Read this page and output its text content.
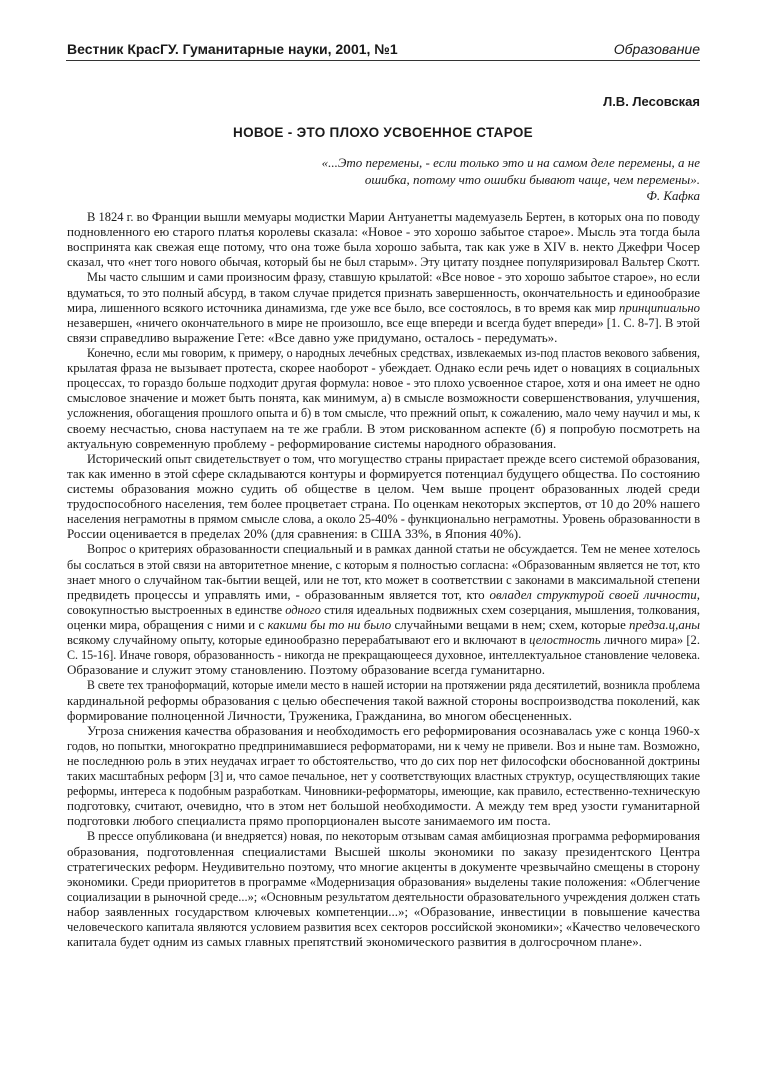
Вестник КрасГУ. Гуманитарные науки, 2001, №1	Образование
Л.В. Лесовская
НОВОЕ - ЭТО ПЛОХО УСВОЕННОЕ СТАРОЕ
«...Это перемены, - если только это и на самом деле перемены, а не
ошибка, потому что ошибки бывают чаще, чем перемены».
Ф. Кафка
В 1824 г. во Франции вышли мемуары модистки Марии Антуанетты мадемуазель Бертен, в которых она по поводу
подновленного ею старого платья королевы сказала: «Новое - это хорошо забытое старое». Мысль эта тогда была
воспринята как свежая еще потому, что она тоже была хорошо забыта, так как уже в XIV в. некто Джефри Чосер
сказал, что «нет того нового обычая, который бы не был старым». Эту цитату позднее популяризировал Вальтер Скотт.
Мы часто слышим и сами произносим фразу, ставшую крылатой: «Все новое - это хорошо забытое старое», но если
вдуматься, то это полный абсурд, в таком случае придется признать завершенность, окончательность и единообразие
мира, лишенного всякого источника динамизма, где уже все было, все состоялось, в то время как мир принципиально
незавершен, «ничего окончательного в мире не произошло, все еще впереди и всегда будет впереди» [1. С. 8-7]. В этой
связи справедливо выражение Гете: «Все давно уже придумано, осталось - передумать».
Конечно, если мы говорим, к примеру, о народных лечебных средствах, извлекаемых из-под пластов векового забвения,
крылатая фраза не вызывает протеста, скорее наоборот - убеждает. Однако если речь идет о новациях в социальных
процессах, то гораздо больше подходит другая формула: новое - это плохо усвоенное старое, хотя и она имеет не одно
смысловое значение и может быть понята, как минимум, а) в смысле возможности совершенствования, улучшения,
усложнения, обогащения прошлого опыта и б) в том смысле, что прежний опыт, к сожалению, мало чему научил и мы, к
своему несчастью, снова наступаем на те же грабли. В этом рискованном аспекте (б) я попробую посмотреть на
актуальную современную проблему - реформирование системы народного образования.
Исторический опыт свидетельствует о том, что могущество страны прирастает прежде всего системой образования,
так как именно в этой сфере складываются контуры и формируется потенциал будущего общества. По состоянию
системы образования можно судить об обществе в целом. Чем выше процент образованных людей среди
трудоспособного населения, тем более процветает страна. По оценкам некоторых экспертов, от 10 до 20% нашего
населения неграмотны в прямом смысле слова, а около 25-40% - функционально неграмотны. Уровень образованности в
России оценивается в пределах 20% (для сравнения: в США 33%, в Япония 40%).
Вопрос о критериях образованности специальный и в рамках данной статьи не обсуждается. Тем не менее хотелось
бы сослаться в этой связи на авторитетное мнение, с которым я полностью согласна: «Образованным является не тот, кто
знает много о случайном так-бытии вещей, или не тот, кто может в соответствии с законами в максимальной степени
предвидеть процессы и управлять ими, - образованным является тот, кто овладел структурой своей личности,
совокупностью выстроенных в единстве одного стиля идеальных подвижных схем созерцания, мышления, толкования,
оценки мира, обращения с ними и с какими бы то ни было случайными вещами в нем; схем, которые предза.ц,аны
всякому случайному опыту, которые единообразно перерабатывают его и включают в целостность личного мира» [2.
С. 15-16]. Иначе говоря, образованность - никогда не прекращающееся духовное, интеллектуальное становление человека.
Образование и служит этому становлению. Поэтому образование всегда гуманитарно.
В свете тех траноформаций, которые имели место в нашей истории на протяжении ряда десятилетий, возникла проблема
кардинальной реформы образования с целью обеспечения такой важной стороны воспроизводства поколений, как
формирование полноценной Личности, Труженика, Гражданина, во многом обесцененных.
Угроза снижения качества образования и необходимость его реформирования осознавалась уже с конца 1960-х
годов, но попытки, многократно предпринимавшиеся реформаторами, ни к чему не привели. Воз и ныне там. Возможно,
не последнюю роль в этих неудачах играет то обстоятельство, что до сих пор нет философски обоснованной доктрины
таких масштабных реформ [3] и, что самое печальное, нет у соответствующих властных структур, осуществляющих такие
реформы, интереса к подобным разработкам. Чиновники-реформаторы, имеющие, как правило, естественно-техническую
подготовку, считают, очевидно, что в этом нет большой необходимости. А между тем вред узости гуманитарной
подготовки любого специалиста прямо пропорционален высоте занимаемого им поста.
В прессе опубликована (и внедряется) новая, по некоторым отзывам самая амбициозная программа реформирования
образования, подготовленная специалистами Высшей школы экономики по заказу президентского Центра
стратегических реформ. Неудивительно поэтому, что многие акценты в документе чрезвычайно смещены в сторону
экономики. Среди приоритетов в программе «Модернизация образования» выделены такие положения: «Облегчение
социализации в рыночной среде...»; «Основным результатом деятельности образовательного учреждения должен стать
набор заявленных государством ключевых компетенции...»; «Образование, инвестиции в повышение качества
человеческого капитала являются условием развития всех секторов российской экономики»; «Качество человеческого
капитала будет одним из самых главных препятствий экономического развития в долгосрочном плане».
